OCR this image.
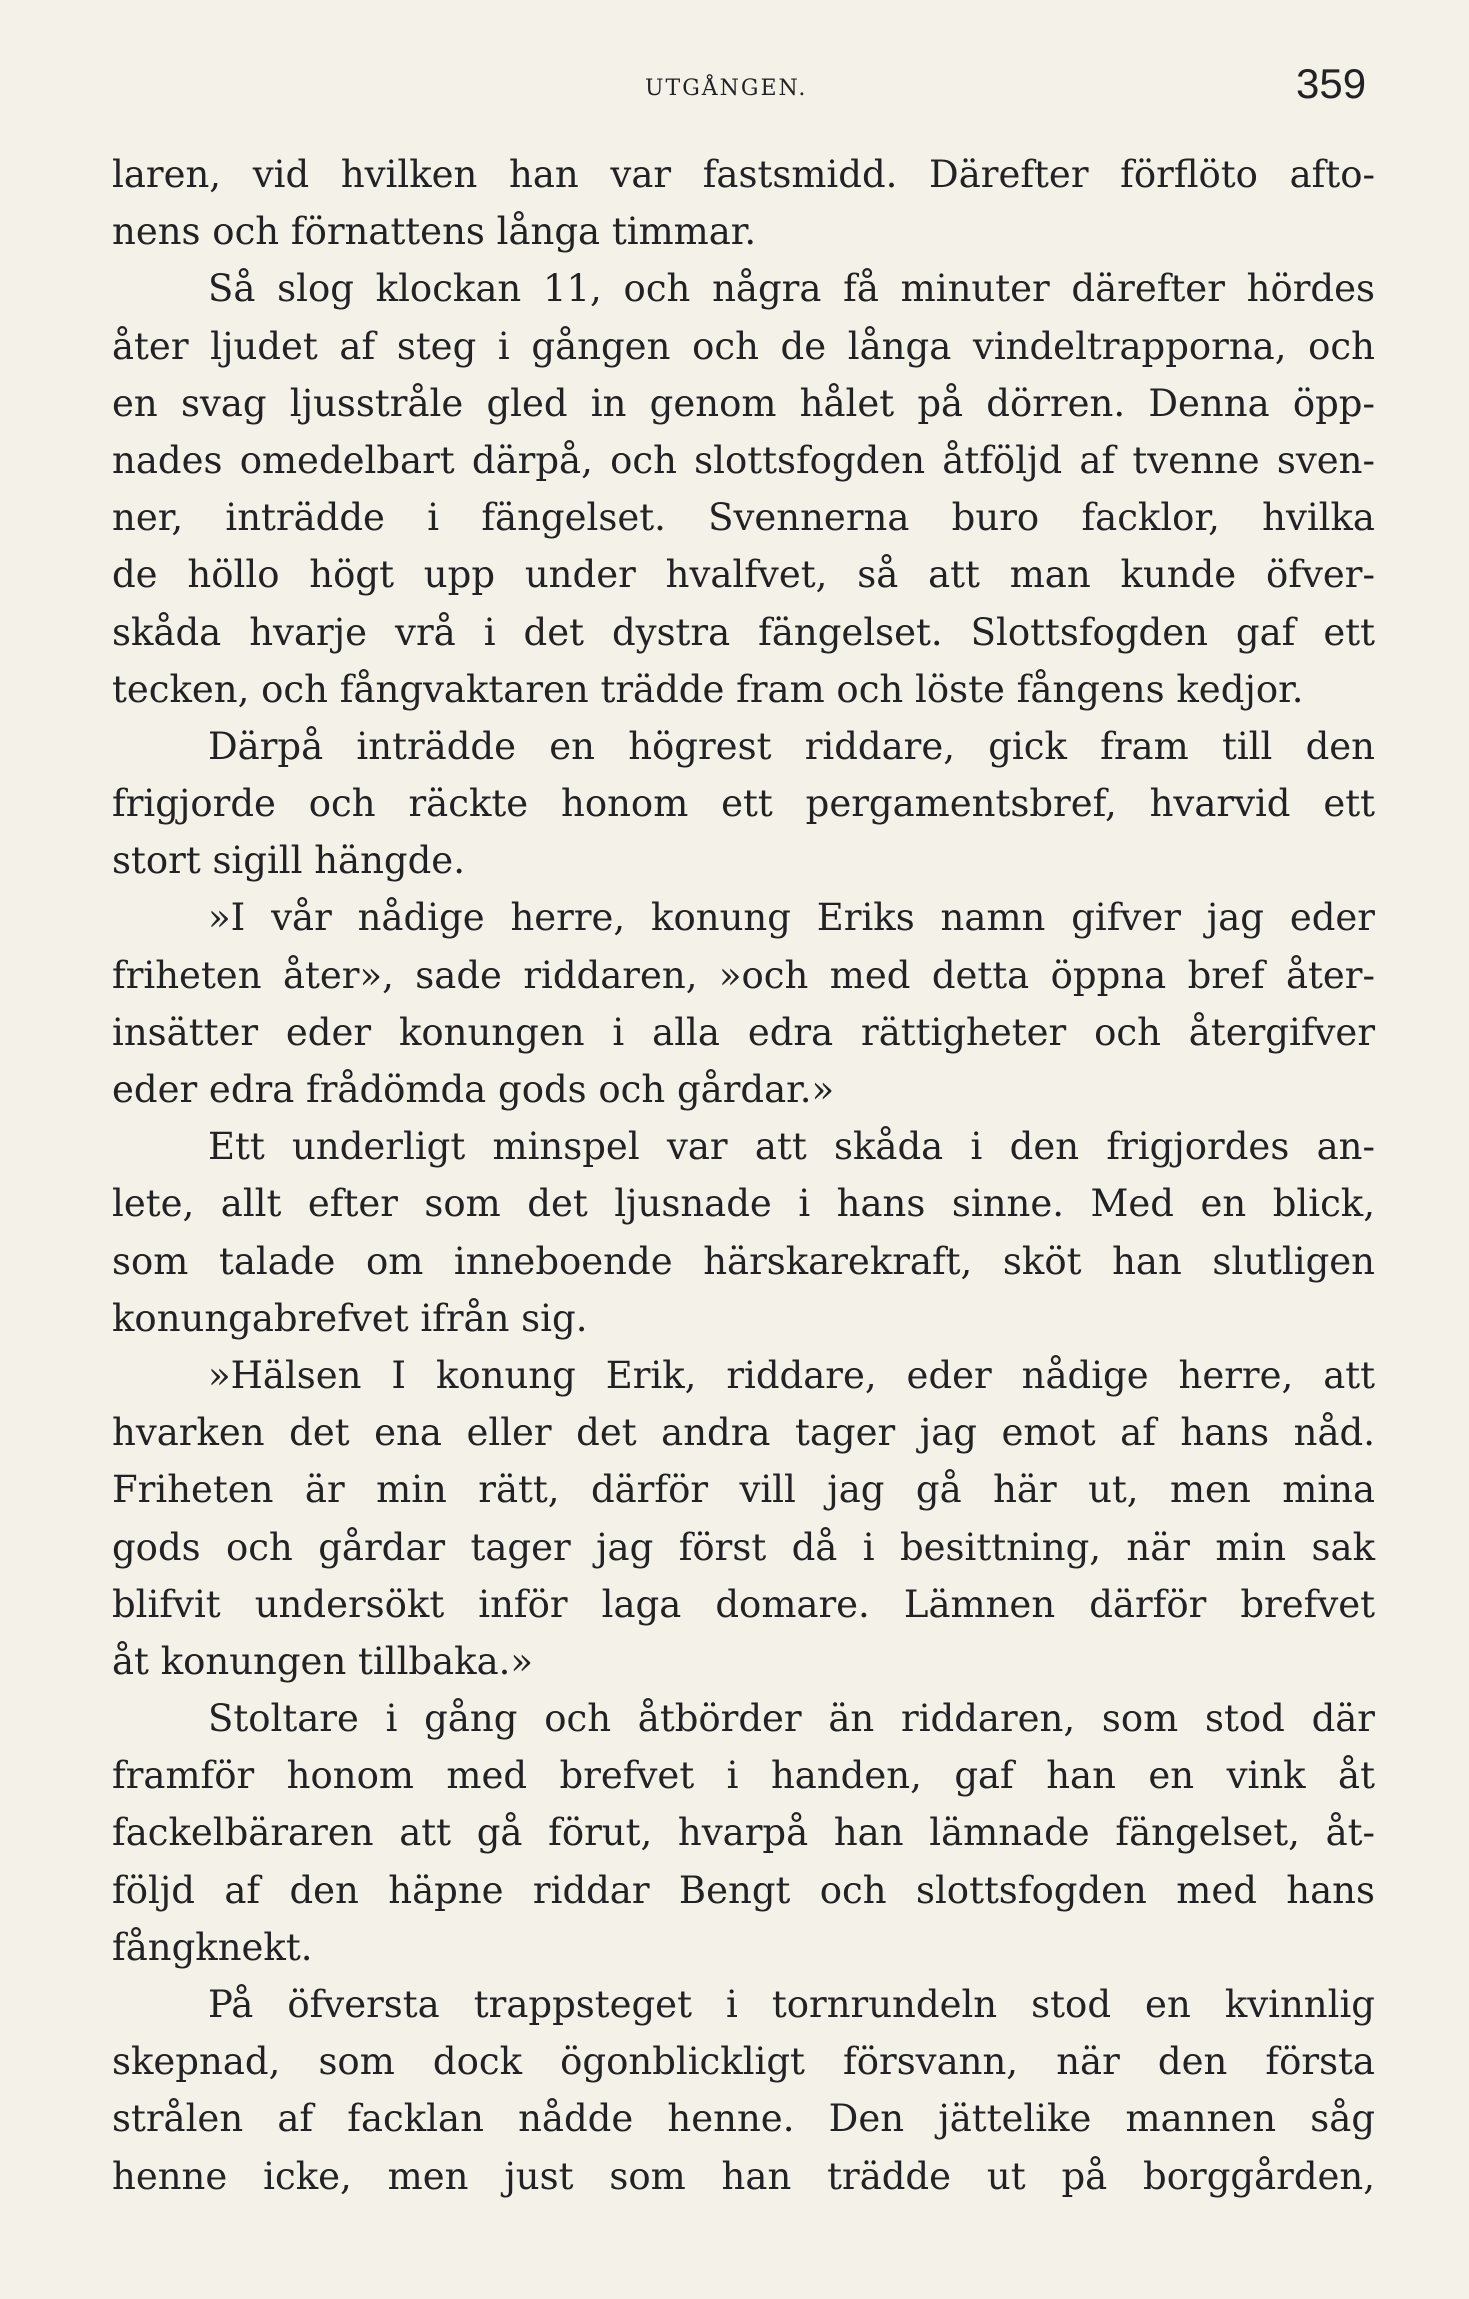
UTGÅNGEN.	359
laren, vid hvilken han var fastsmidd. Därefter förflöto afto-
nens och förnattens långa timmar.
Så slog klockan 11, och några få minuter därefter hördes
åter ljudet af steg i gången och de långa vindeltrapporna, och
en svag ljusstråle gled in genom hålet på dörren. Denna öpp-
nades omedelbart därpå, och slottsfogden åtföljd af tvenne sven-
ner, inträdde i fängelset. Svennerna buro facklor, hvilka
de höllo högt upp under hvalfvet, så att man kunde öfver-
skåda hvarje vrå i det dystra fängelset. Slottsfogden gaf ett
tecken, och fångvaktaren trädde fram och löste fångens kedjor.
Därpå inträdde en högrest riddare, gick fram till den
frigjorde och räckte honom ett pergamentsbref, hvarvid ett
stort sigill hängde.
»I vår nådige herre, konung Eriks namn gifver jag eder
friheten åter», sade riddaren, »och med detta öppna bref åter-
insätter eder konungen i alla edra rättigheter och återgifver
eder edra frådömda gods och gårdar.»
Ett underligt minspel var att skåda i den frigjordes an-
lete, allt efter som det ljusnade i hans sinne. Med en blick,
som talade om inneboende härskarekraft, sköt han slutligen
konungabrefvet ifrån sig.
»Hälsen I konung Erik, riddare, eder nådige herre, att
hvarken det ena eller det andra tager jag emot af hans nåd.
Friheten är min rätt, därför vill jag gå här ut, men mina
gods och gårdar tager jag först då i besittning, när min sak
blifvit undersökt inför laga domare. Lämnen därför brefvet
åt konungen tillbaka.»
Stoltare i gång och åtbörder än riddaren, som stod där
framför honom med brefvet i handen, gaf han en vink åt
fackelbäraren att gå förut, hvarpå han lämnade fängelset, åt-
följd af den häpne riddar Bengt och slottsfogden med hans
fångknekt.
På öfversta trappsteget i tornrundeln stod en kvinnlig
skepnad, som dock ögonblickligt försvann, när den första
strålen af facklan nådde henne. Den jättelike mannen såg
henne icke, men just som han trädde ut på borggården,
